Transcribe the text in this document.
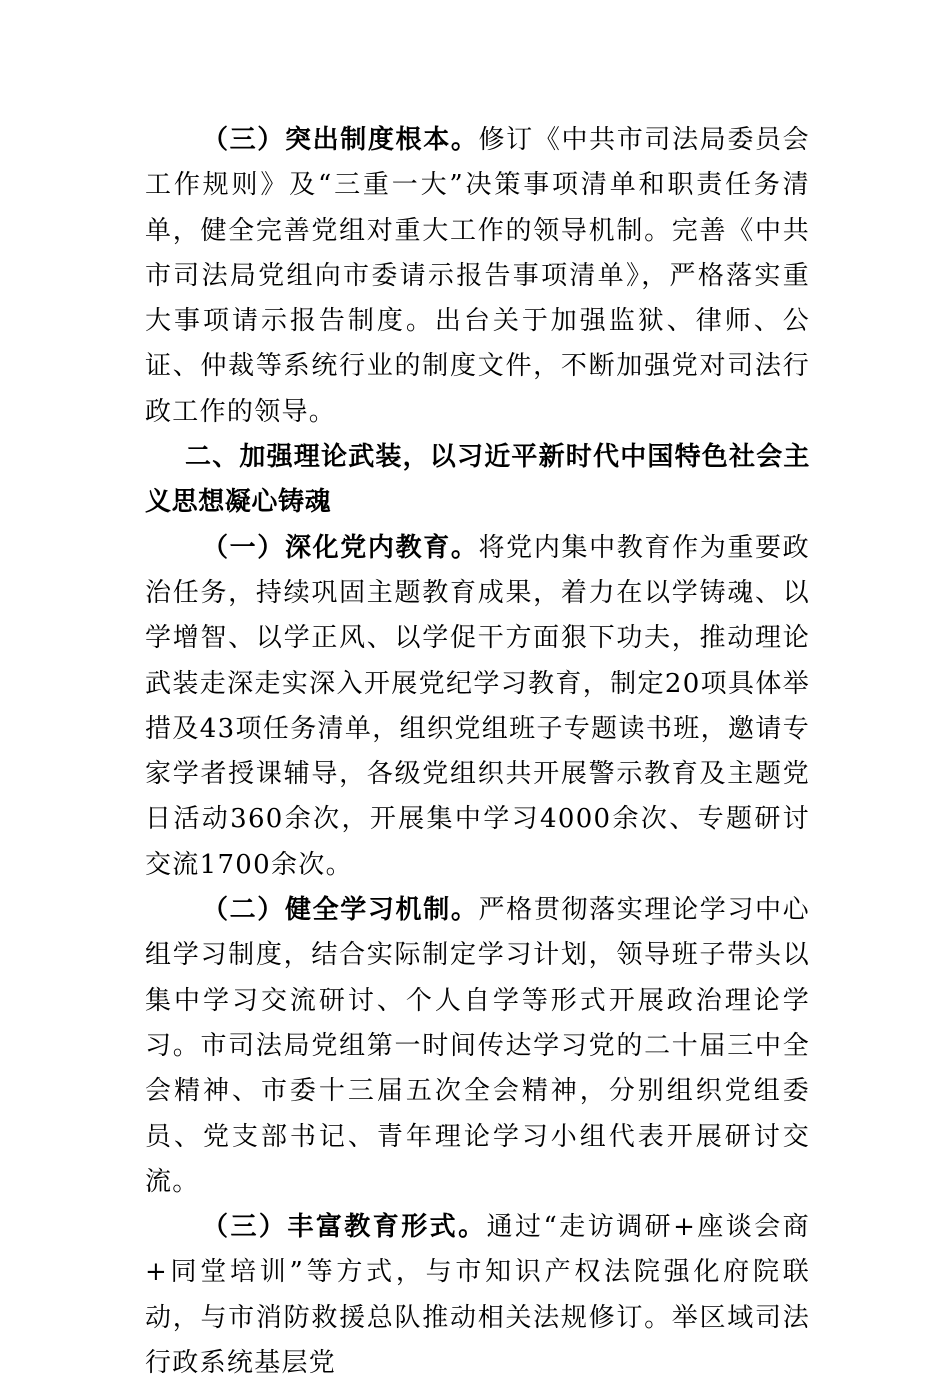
（三）突出制度根本。修订《中共市司法局委员会工作规则》及“三重一大”决策事项清单和职责任务清单，健全完善党组对重大工作的领导机制。完善《中共市司法局党组向市委请示报告事项清单》，严格落实重大事项请示报告制度。出台关于加强监狱、律师、公证、仲裁等系统行业的制度文件，不断加强党对司法行政工作的领导。

二、加强理论武装，以习近平新时代中国特色社会主义思想凝心铸魂

（一）深化党内教育。将党内集中教育作为重要政治任务，持续巩固主题教育成果，着力在以学铸魂、以学增智、以学正风、以学促干方面狠下功夫，推动理论武装走深走实深入开展党纪学习教育，制定20项具体举措及43项任务清单，组织党组班子专题读书班，邀请专家学者授课辅导，各级党组织共开展警示教育及主题党日活动360余次，开展集中学习4000余次、专题研讨交流1700余次。

（二）健全学习机制。严格贯彻落实理论学习中心组学习制度，结合实际制定学习计划，领导班子带头以集中学习交流研讨、个人自学等形式开展政治理论学习。市司法局党组第一时间传达学习党的二十届三中全会精神、市委十三届五次全会精神，分别组织党组委员、党支部书记、青年理论学习小组代表开展研讨交流。

（三）丰富教育形式。通过“走访调研+座谈会商+同堂培训”等方式，与市知识产权法院强化府院联动，与市消防救援总队推动相关法规修订。举区域司法行政系统基层党
